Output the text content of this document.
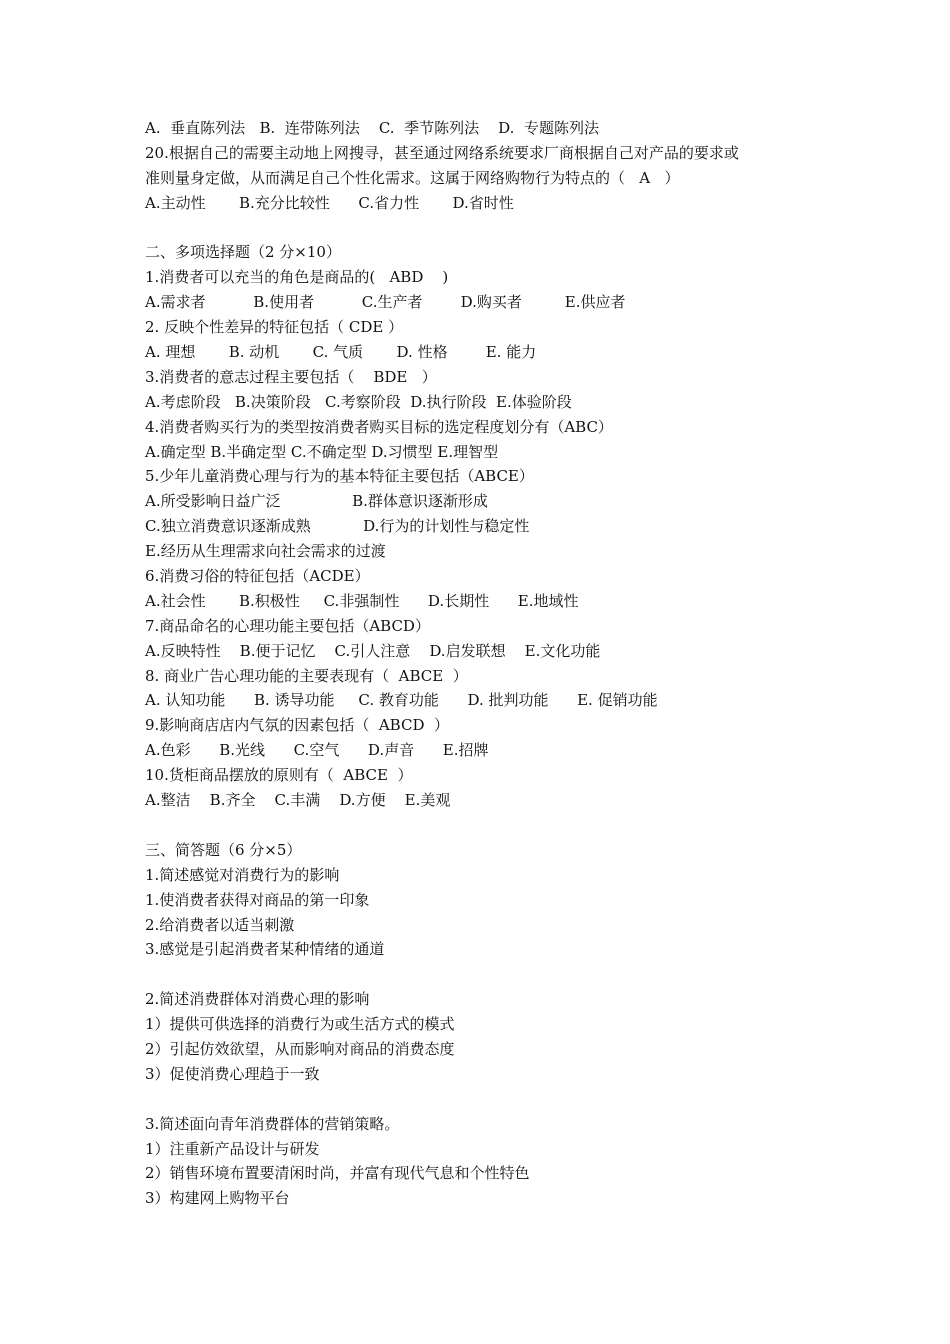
A.  垂直陈列法   B.  连带陈列法    C.  季节陈列法    D.  专题陈列法
20.根据自己的需要主动地上网搜寻，甚至通过网络系统要求厂商根据自己对产品的要求或
准则量身定做，从而满足自己个性化需求。这属于网络购物行为特点的（   A   ）
A.主动性       B.充分比较性      C.省力性       D.省时性
二、多项选择题（2 分×10）
1.消费者可以充当的角色是商品的(   ABD    )
A.需求者          B.使用者          C.生产者        D.购买者         E.供应者
2. 反映个性差异的特征包括（ CDE ）
A. 理想       B. 动机       C. 气质       D. 性格        E. 能力
3.消费者的意志过程主要包括（    BDE   ）
A.考虑阶段   B.决策阶段   C.考察阶段  D.执行阶段  E.体验阶段
4.消费者购买行为的类型按消费者购买目标的选定程度划分有（ABC）
A.确定型 B.半确定型 C.不确定型 D.习惯型 E.理智型
5.少年儿童消费心理与行为的基本特征主要包括（ABCE）
A.所受影响日益广泛               B.群体意识逐渐形成
C.独立消费意识逐渐成熟           D.行为的计划性与稳定性
E.经历从生理需求向社会需求的过渡
6.消费习俗的特征包括（ACDE）
A.社会性       B.积极性     C.非强制性      D.长期性      E.地域性
7.商品命名的心理功能主要包括（ABCD）
A.反映特性    B.便于记忆    C.引人注意    D.启发联想    E.文化功能
8. 商业广告心理功能的主要表现有（  ABCE  ）
A. 认知功能      B. 诱导功能     C. 教育功能      D. 批判功能      E. 促销功能
9.影响商店店内气氛的因素包括（  ABCD  ）
A.色彩      B.光线      C.空气      D.声音      E.招牌
10.货柜商品摆放的原则有（  ABCE  ）
A.整洁    B.齐全    C.丰满    D.方便    E.美观
三、简答题（6 分×5）
1.简述感觉对消费行为的影响
1.使消费者获得对商品的第一印象
2.给消费者以适当刺激
3.感觉是引起消费者某种情绪的通道
2.简述消费群体对消费心理的影响
1）提供可供选择的消费行为或生活方式的模式
2）引起仿效欲望，从而影响对商品的消费态度
3）促使消费心理趋于一致
3.简述面向青年消费群体的营销策略。
1）注重新产品设计与研发
2）销售环境布置要清闲时尚，并富有现代气息和个性特色
3）构建网上购物平台
